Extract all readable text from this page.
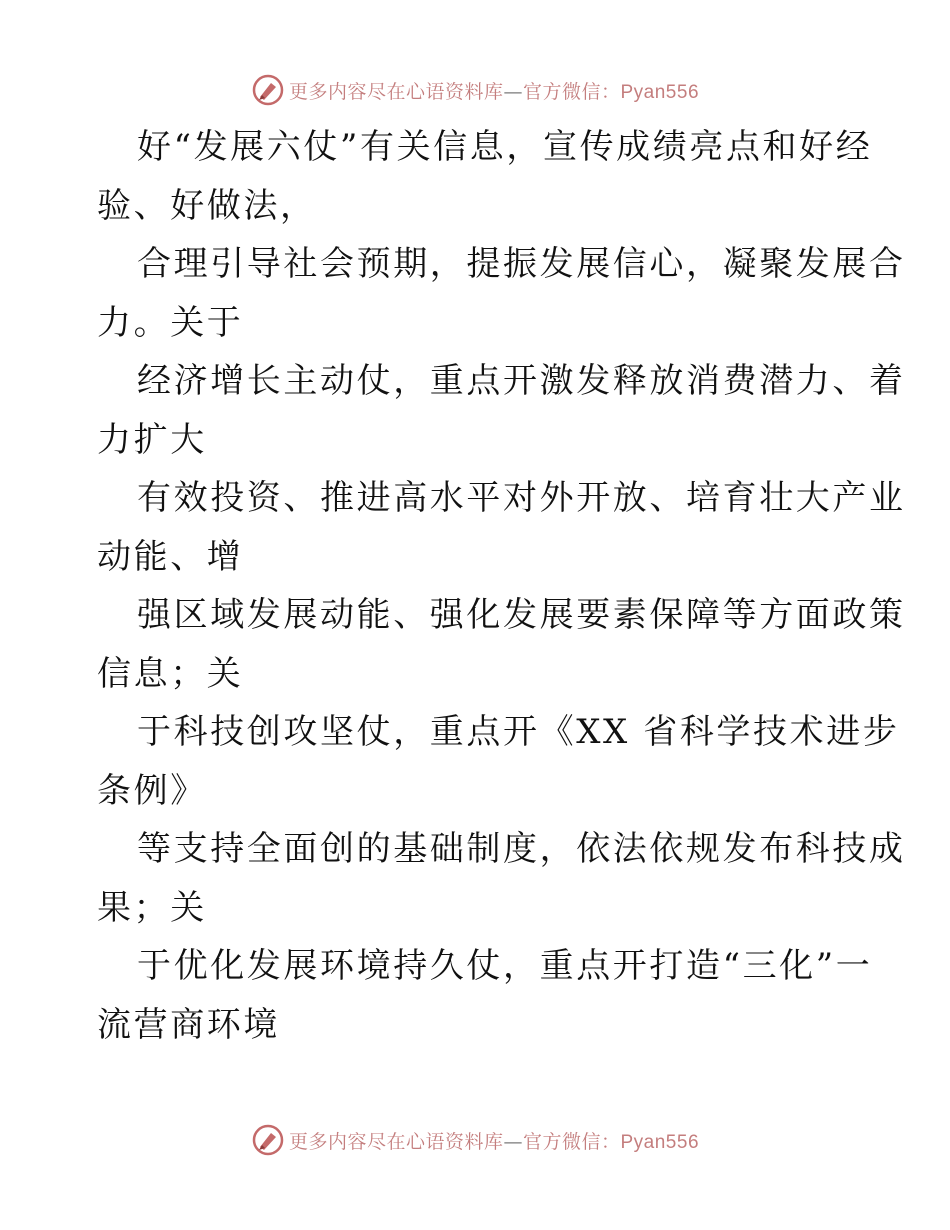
更多内容尽在心语资料库—官方微信：Pyan556
好“发展六仗”有关信息，宣传成绩亮点和好经
验、好做法，
合理引导社会预期，提振发展信心，凝聚发展合
力。关于
经济增长主动仗，重点开激发释放消费潜力、着
力扩大
有效投资、推进高水平对外开放、培育壮大产业
动能、增
强区域发展动能、强化发展要素保障等方面政策
信息；关
于科技创攻坚仗，重点开《XX 省科学技术进步
条例》
等支持全面创的基础制度，依法依规发布科技成
果；关
于优化发展环境持久仗，重点开打造“三化”一
流营商环境
更多内容尽在心语资料库—官方微信：Pyan556
